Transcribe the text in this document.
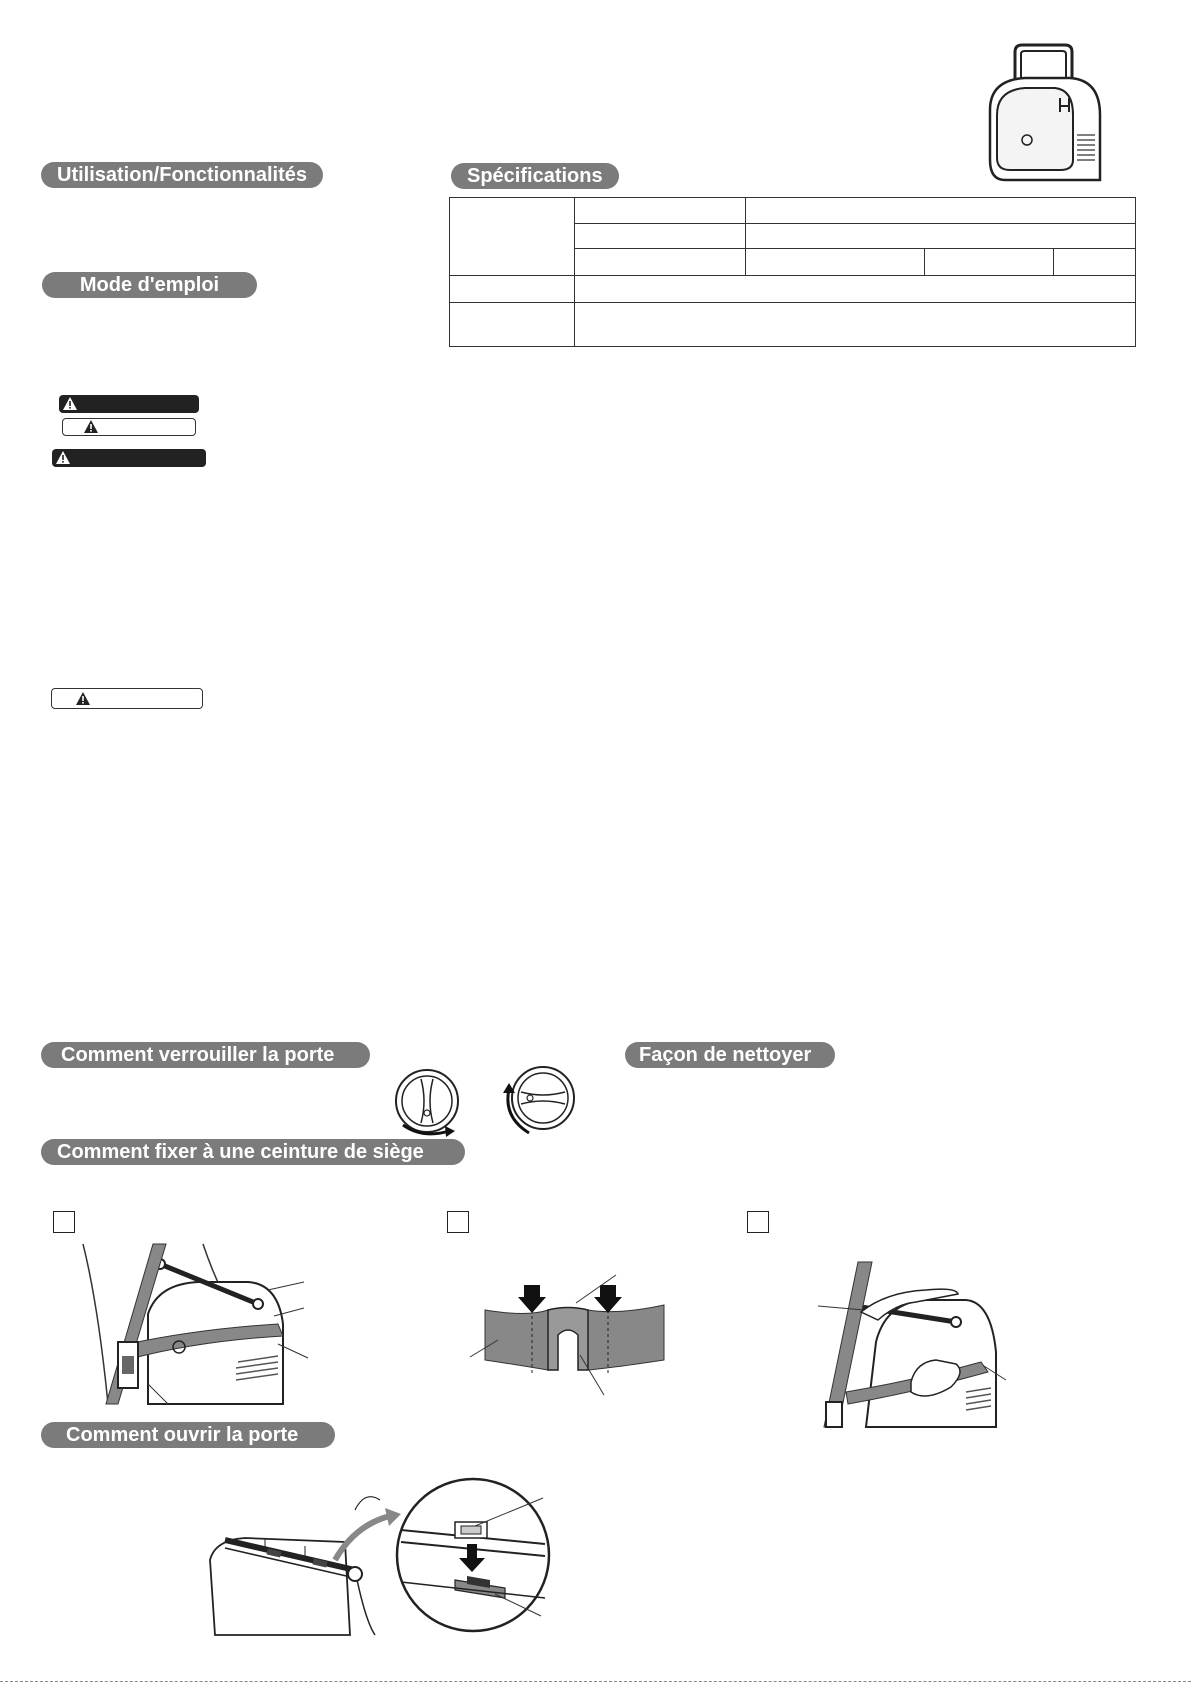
Utilisation/Fonctionnalités	Spécifications
Mode d'emploi

Comment verrouiller la porte	Façon de nettoyer
Comment fixer à une ceinture de siège
Comment ouvrir la porte
